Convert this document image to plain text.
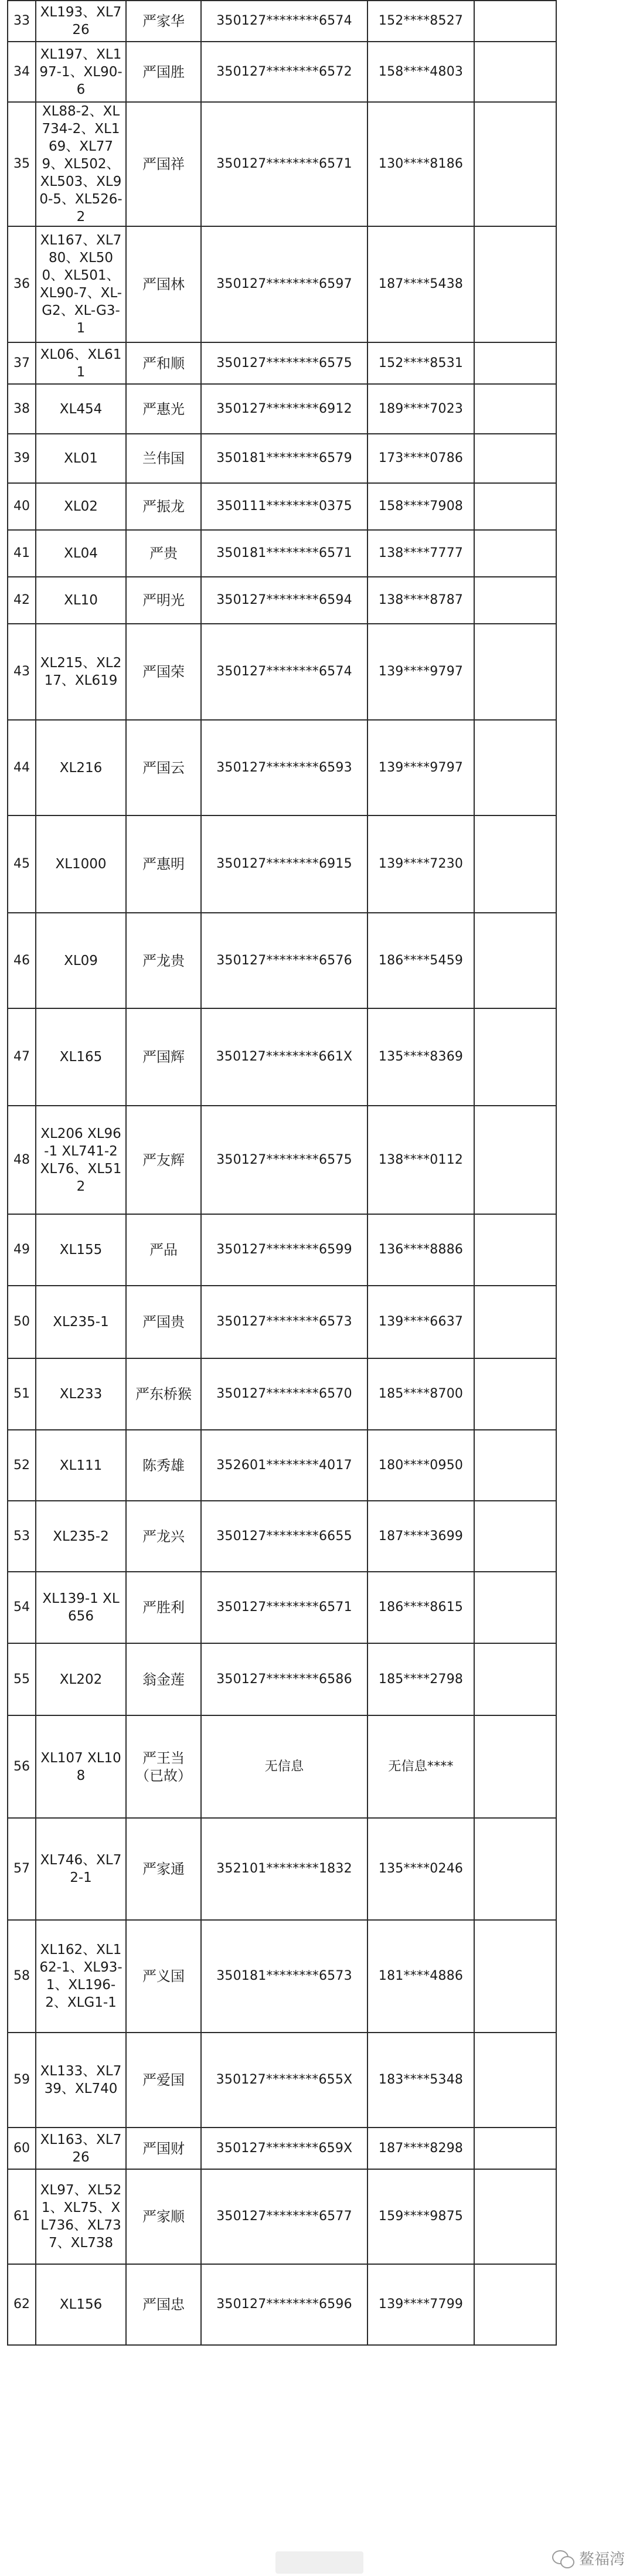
33	XL193、XL726	严家华	350127********6574	152****8527	
34	XL197、XL197-1、XL90-6	严国胜	350127********6572	158****4803	
35	XL88-2、XL734-2、XL169、XL779、XL502、XL503、XL90-5、XL526-2	严国祥	350127********6571	130****8186	
36	XL167、XL780、XL500、XL501、XL90-7、XL-G2、XL-G3-1	严国林	350127********6597	187****5438	
37	XL06、XL611	严和顺	350127********6575	152****8531	
38	XL454	严惠光	350127********6912	189****7023	
39	XL01	兰伟国	350181********6579	173****0786	
40	XL02	严振龙	350111********0375	158****7908	
41	XL04	严贵	350181********6571	138****7777	
42	XL10	严明光	350127********6594	138****8787	
43	XL215、XL217、XL619	严国荣	350127********6574	139****9797	
44	XL216	严国云	350127********6593	139****9797	
45	XL1000	严惠明	350127********6915	139****7230	
46	XL09	严龙贵	350127********6576	186****5459	
47	XL165	严国辉	350127********661X	135****8369	
48	XL206 XL96-1 XL741-2 XL76、XL512	严友辉	350127********6575	138****0112	
49	XL155	严品	350127********6599	136****8886	
50	XL235-1	严国贵	350127********6573	139****6637	
51	XL233	严东桥猴	350127********6570	185****8700	
52	XL111	陈秀雄	352601********4017	180****0950	
53	XL235-2	严龙兴	350127********6655	187****3699	
54	XL139-1 XL656	严胜利	350127********6571	186****8615	
55	XL202	翁金莲	350127********6586	185****2798	
56	XL107 XL108	严王当（已故）	无信息	无信息****	
57	XL746、XL72-1	严家通	352101********1832	135****0246	
58	XL162、XL162-1、XL93-1、XL196-2、XLG1-1	严义国	350181********6573	181****4886	
59	XL133、XL739、XL740	严爱国	350127********655X	183****5348	
60	XL163、XL726	严国财	350127********659X	187****8298	
61	XL97、XL521、XL75、XL736、XL737、XL738	严家顺	350127********6577	159****9875	
62	XL156	严国忠	350127********6596	139****7799	
鳌福湾
